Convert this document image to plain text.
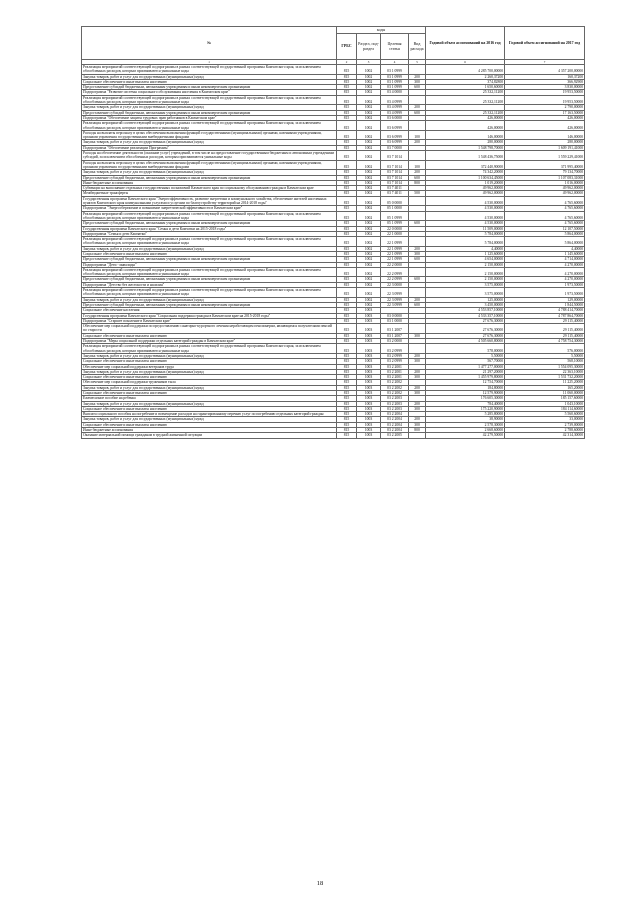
№	коды				Годовой объем ассигнований на 2016 год	Годовой объем ассигнований на 2017 год
	ГРБС	Раздел, под-раздел	Целевая статья	Вид расхода		
1	2	3	4	5	6	7
Реализация мероприятий соответствующей подпрограммы в рамках соответствующей государственной программы Камчатского края, за исключением обособленных расходов, которым присваиваются уникальные коды	815	1002	03 1 0999		4 285 700,00000	4 357 200,00000
Закупка товаров, работ и услуг для государственных (муниципальных) нужд	815	1002	03 1 0999	200	2 260,37200	160,37200
Социальное обеспечение и иные выплаты населению	815	1002	03 1 0999	300	374,82800	366,92900
Предоставление субсидий бюджетным, автономным учреждениям и иным некоммерческим организациям	815	1002	03 1 0999	600	1 650,60000	3 830,00000
Подпрограмма "Развитие системы социального обслуживания населения в Камчатском крае"	815	1002	03 4 0000		25 332,11200	19 953,50000
Реализация мероприятий соответствующей подпрограммы в рамках соответствующей государственной программы Камчатского края, за исключением обособленных расходов, которым присваиваются уникальные коды	815	1002	03 4 0999		25 332,11200	19 953,50000
Закупка товаров, работ и услуг для государственных (муниципальных) нужд	815	1002	03 4 0999	200		2 790,00000
Предоставление субсидий бюджетным, автономным учреждениям и иным некоммерческим организациям	815	1002	03 4 0999	600	25 332,11200	17 163,50000
Подпрограмма "Обеспечение защиты трудовых прав работников в Камчатском крае"	815	1002	03 6 0000		426,00000	426,00000
Реализация мероприятий соответствующей подпрограммы в рамках соответствующей государственной программы Камчатского края, за исключением обособленных расходов, которым присваиваются уникальные коды	815	1002	03 6 0999		426,00000	426,00000
Расходы на выплаты персоналу в целях обеспечения выполнения функций государственными (муниципальными) органами, казенными учреждениями, органами управления государственными внебюджетными фондами	815	1002	03 6 0999	100	146,00000	146,00000
Закупка товаров, работ и услуг для государственных (муниципальных) нужд	815	1002	03 6 0999	200	280,00000	280,00000
Подпрограмма "Обеспечение реализации Программы"	815	1002	03 7 0000		1 548 798,70000	1 609 191,41000
Расходы на обеспечение деятельности (оказание услуг) учреждений, в том числе на предоставление государственным бюджетным и автономным учреждениям субсидий, за исключением обособленных расходов, которым присваиваются уникальные коды	815	1002	03 7 1014		1 548 436,75000	1 559 229,41000
Расходы на выплаты персоналу в целях обеспечения выполнения функций государственными (муниципальными) органами, казенными учреждениями, органами управления государственными внебюджетными фондами	815	1002	03 7 1014	100	372 440,90000	371 995,40000
Закупка товаров, работ и услуг для государственных (муниципальных) нужд	815	1002	03 7 1014	200	74 342,20000	79 134,70000
Предоставление субсидий бюджетным, автономным учреждениям и иным некоммерческим организациям	815	1002	03 7 1014	600	1 100 634,45000	1 107 083,31000
Иные бюджетные ассигнования	815	1002	03 7 1014	800	1 019,20000	1 016,00000
Субвенции на выполнение отдельных государственных полномочий Камчатского края по социальному обслуживанию граждан в Камчатском крае	815	1002	03 7 4011		49 962,00000	49 962,00000
Межбюджетные трансферты	815	1002	03 7 4011	500	49 962,00000	49 962,00000
Государственная программа Камчатского края "Энергоэффективность, развитие энергетики и коммунального хозяйства, обеспечение жителей населенных пунктов Камчатского края коммунальными услугами и услугами по благоустройству территорий на 2014-2018 годы"	815	1002	05 0 0000		4 530,00000	4 765,60000
Подпрограмма "Энергосбережение и повышение энергетической эффективности в Камчатском крае"	815	1002	05 1 0000		4 530,00000	4 765,60000
Реализация мероприятий соответствующей подпрограммы в рамках соответствующей государственной программы Камчатского края, за исключением обособленных расходов, которым присваиваются уникальные коды	815	1002	05 1 0999		4 530,00000	4 765,60000
Предоставление субсидий бюджетным, автономным учреждениям и иным некоммерческим организациям	815	1002	05 1 0999	600	4 530,00000	4 765,60000
Государственная программа Камчатского края "Семья и дети Камчатки на 2015-2018 годы"	815	1002	22 0 0000		11 509,00000	12 107,50000
Подпрограмма "Семья и дети Камчатки"	815	1002	22 1 0000		5 784,00000	5 864,00000
Реализация мероприятий соответствующей подпрограммы в рамках соответствующей государственной программы Камчатского края, за исключением обособленных расходов, которым присваиваются уникальные коды	815	1002	22 1 0999		5 784,00000	5 864,00000
Закупка товаров, работ и услуг для государственных (муниципальных) нужд	815	1002	22 1 0999	200	4,40000	4,40000
Социальное обеспечение и иные выплаты населению	815	1002	22 1 0999	300	1 125,60000	1 145,60000
Предоставление субсидий бюджетным, автономным учреждениям и иным некоммерческим организациям	815	1002	22 1 0999	600	4 654,00000	4 714,00000
Подпрограмма "Дети - инвалиды"	815	1002	22 2 0000		2 150,00000	4 270,00000
Реализация мероприятий соответствующей подпрограммы в рамках соответствующей государственной программы Камчатского края, за исключением обособленных расходов, которым присваиваются уникальные коды	815	1002	22 2 0999		2 150,00000	4 270,00000
Предоставление субсидий бюджетным, автономным учреждениям и иным некоммерческим организациям	815	1002	22 2 0999	600	2 150,00000	4 270,00000
Подпрограмма "Детство без жестокости и насилия"	815	1002	22 3 0000		3 575,00000	1 973,50000
Реализация мероприятий соответствующей подпрограммы в рамках соответствующей государственной программы Камчатского края, за исключением обособленных расходов, которым присваиваются уникальные коды	815	1002	22 3 0999		3 575,00000	1 973,50000
Закупка товаров, работ и услуг для государственных (муниципальных) нужд	815	1002	22 3 0999	200	125,00000	129,00000
Предоставление субсидий бюджетным, автономным учреждениям и иным некоммерческим организациям	815	1002	22 3 0999	600	3 450,00000	1 844,50000
Социальное обеспечение населения	815	1003			4 553 857,10000	4 788 414,70000
Государственная программа Камчатского края "Социальная поддержка граждан в Камчатском крае на 2015-2018 годы"	815	1003	03 0 0000		4 533 357,10000	4 787 864,70000
Подпрограмма "Старшее поколение в Камчатском крае"	815	1003	03 1 0000		27 676,30000	29 115,40000
Обеспечение мер социальной поддержки по предоставлению санаторно-курортного лечения неработающим пенсионерам, являющимся получателями пенсий по старости	815	1003	03 1 2007		27 676,30000	29 115,40000
Социальное обеспечение и иные выплаты населению	815	1003	03 1 2007	300	27 676,30000	29 115,40000
Подпрограмма "Меры социальной поддержки отдельных категорий граждан в Камчатском крае"	815	1003	03 2 0000		4 505 660,80000	4 758 754,30000
Реализация мероприятий соответствующей подпрограммы в рамках соответствующей государственной программы Камчатского края, за исключением обособленных расходов, которым присваиваются уникальные коды	815	1003	03 2 0999		578,00000	576,00000
Закупка товаров, работ и услуг для государственных (муниципальных) нужд	815	1003	03 2 0999	200	5,50000	5,50000
Социальное обеспечение и иные выплаты населению	815	1003	03 2 0999	300	567,70000	568,10000
Обеспечение мер социальной поддержки ветеранов труда	815	1003	03 2 2001		1 477 277,00000	1 554 095,30000
Закупка товаров, работ и услуг для государственных (муниципальных) нужд	815	1003	03 2 2001	200	21 297,20000	22 363,10000
Социальное обеспечение и иные выплаты населению	815	1003	03 2 2001	300	1 455 979,80000	1 531 732,20000
Обеспечение мер социальной поддержки тружеников тыла	815	1003	03 2 2002		12 754,70000	11 225,20000
Закупка товаров, работ и услуг для государственных (муниципальных) нужд	815	1003	03 2 2002	200	184,80000	165,20000
Социальное обеспечение и иные выплаты населению	815	1003	03 2 2002	300	12 579,90000	11 060,00000
Ежемесячное пособие на ребенка	815	1003	03 2 2003		176 605,30000	185 157,60000
Закупка товаров, работ и услуг для государственных (муниципальных) нужд	815	1003	03 2 2003	200	784,40000	1 043,10000
Социальное обеспечение и иные выплаты населению	815	1003	03 2 2003	300	175 220,90000	184 114,60000
Выплата социального пособия на погребение и возмещение расходов на гарантированному перечню услуг по погребению отдельных категорий граждан	815	1003	03 2 2004		5 285,80000	5 560,60000
Закупка товаров, работ и услуг для государственных (муниципальных) нужд	815	1003	03 2 2004	200	38,90000	33,00000
Социальное обеспечение и иные выплаты населению	815	1003	03 2 2004	300	2 578,30000	2 739,00000
Иные бюджетные ассигнования	815	1003	03 2 2004	800	2 668,60000	2 788,60000
Оказание материальной помощи гражданам в трудной жизненной ситуации	815	1003	03 2 2005		42 279,50000	42 314,30000
18
